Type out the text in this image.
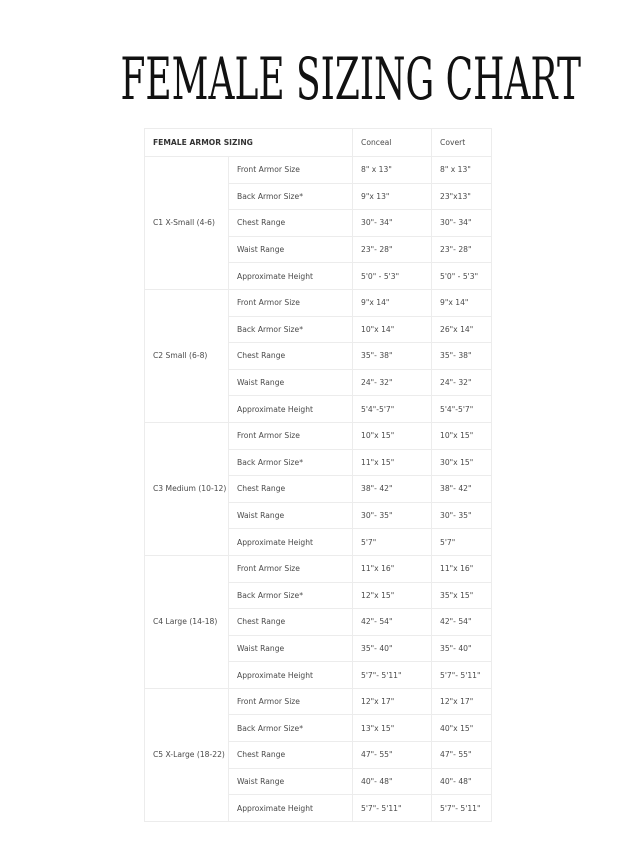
FEMALE SIZING CHART
FEMALE ARMOR SIZING		Conceal	Covert
C1 X-Small (4-6)	Front Armor Size	8" x 13"	8" x 13"
	Back Armor Size*	9"x 13"	23"x13"
	Chest Range	30"- 34"	30"- 34"
	Waist Range	23"- 28"	23"- 28"
	Approximate Height	5'0" - 5'3"	5'0" - 5'3"
C2 Small (6-8)	Front Armor Size	9"x 14"	9"x 14"
	Back Armor Size*	10"x 14"	26"x 14"
	Chest Range	35"- 38"	35"- 38"
	Waist Range	24"- 32"	24"- 32"
	Approximate Height	5'4"-5'7"	5'4"-5'7"
C3 Medium (10-12)	Front Armor Size	10"x 15"	10"x 15"
	Back Armor Size*	11"x 15"	30"x 15"
	Chest Range	38"- 42"	38"- 42"
	Waist Range	30"- 35"	30"- 35"
	Approximate Height	5'7"	5'7"
C4 Large (14-18)	Front Armor Size	11"x 16"	11"x 16"
	Back Armor Size*	12"x 15"	35"x 15"
	Chest Range	42"- 54"	42"- 54"
	Waist Range	35"- 40"	35"- 40"
	Approximate Height	5'7"- 5'11"	5'7"- 5'11"
C5 X-Large (18-22)	Front Armor Size	12"x 17"	12"x 17"
	Back Armor Size*	13"x 15"	40"x 15"
	Chest Range	47"- 55"	47"- 55"
	Waist Range	40"- 48"	40"- 48"
	Approximate Height	5'7"- 5'11"	5'7"- 5'11"
